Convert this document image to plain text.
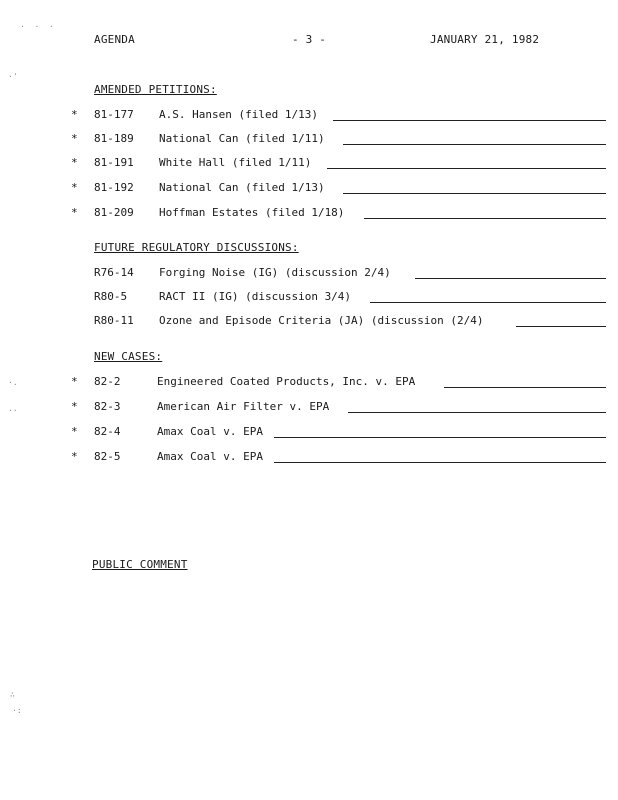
AGENDA	- 3 -	JANUARY 21, 1982
AMENDED PETITIONS:
* 81-177 A.S. Hansen (filed 1/13)
* 81-189 National Can (filed 1/11)
* 81-191 White Hall (filed 1/11)
* 81-192 National Can (filed 1/13)
* 81-209 Hoffman Estates (filed 1/18)
FUTURE REGULATORY DISCUSSIONS:
R76-14 Forging Noise (IG) (discussion 2/4)
R80-5	RACT II (IG) (discussion 3/4)
R80-11 Ozone and Episode Criteria (JA) (discussion (2/4)
NEW CASES:
* 82-2	Engineered Coated Products, Inc. v. EPA
* 82-3	American Air Filter v. EPA
* 82-4	Amax Coal v. EPA
* 82-5	Amax Coal v. EPA
PUBLIC COMMENT
·  ·  ·
·'
·.
··
∴
·:
